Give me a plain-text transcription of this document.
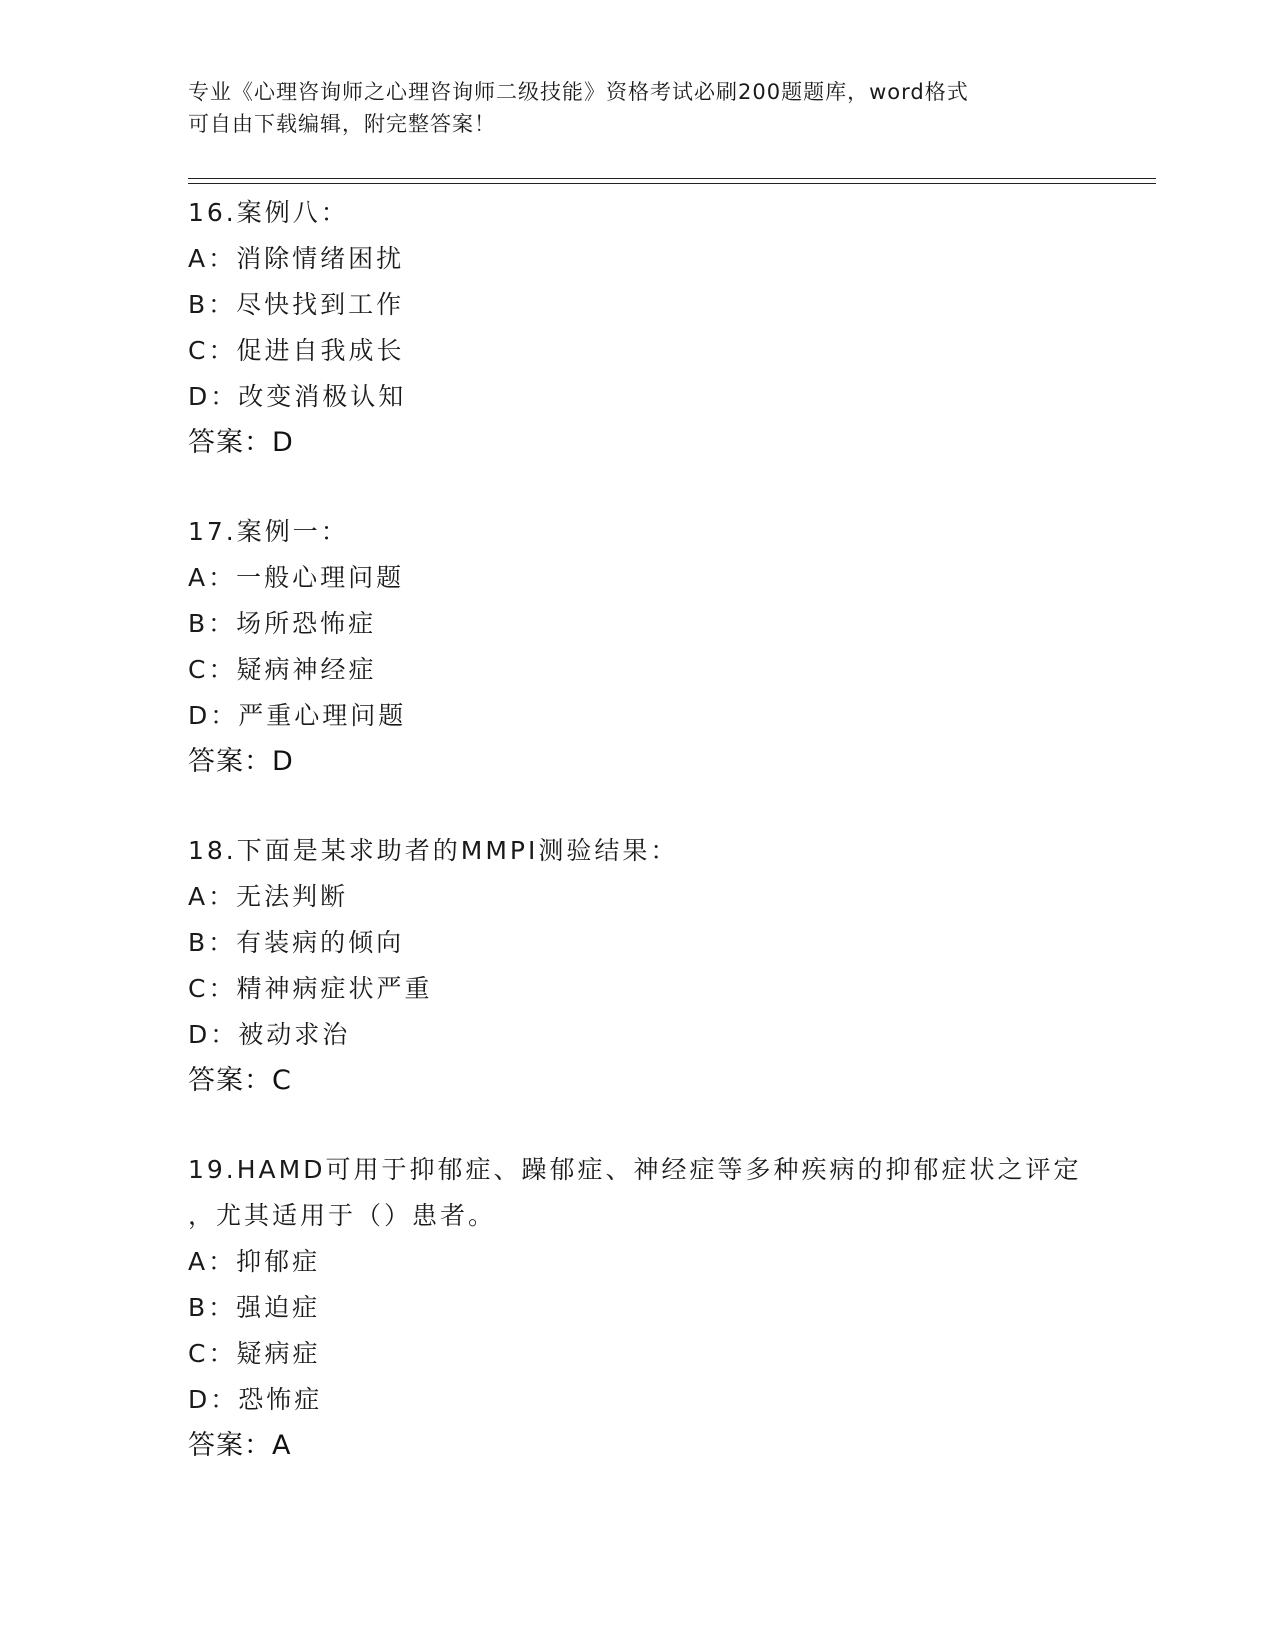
专业《心理咨询师之心理咨询师二级技能》资格考试必刷200题题库，word格式
可自由下载编辑，附完整答案！
16.案例八：
A：消除情绪困扰
B：尽快找到工作
C：促进自我成长
D：改变消极认知
答案：D
17.案例一：
A：一般心理问题
B：场所恐怖症
C：疑病神经症
D：严重心理问题
答案：D
18.下面是某求助者的MMPI测验结果：
A：无法判断
B：有装病的倾向
C：精神病症状严重
D：被动求治
答案：C
19.HAMD可用于抑郁症、躁郁症、神经症等多种疾病的抑郁症状之评定
，尤其适用于（）患者。
A：抑郁症
B：强迫症
C：疑病症
D：恐怖症
答案：A
